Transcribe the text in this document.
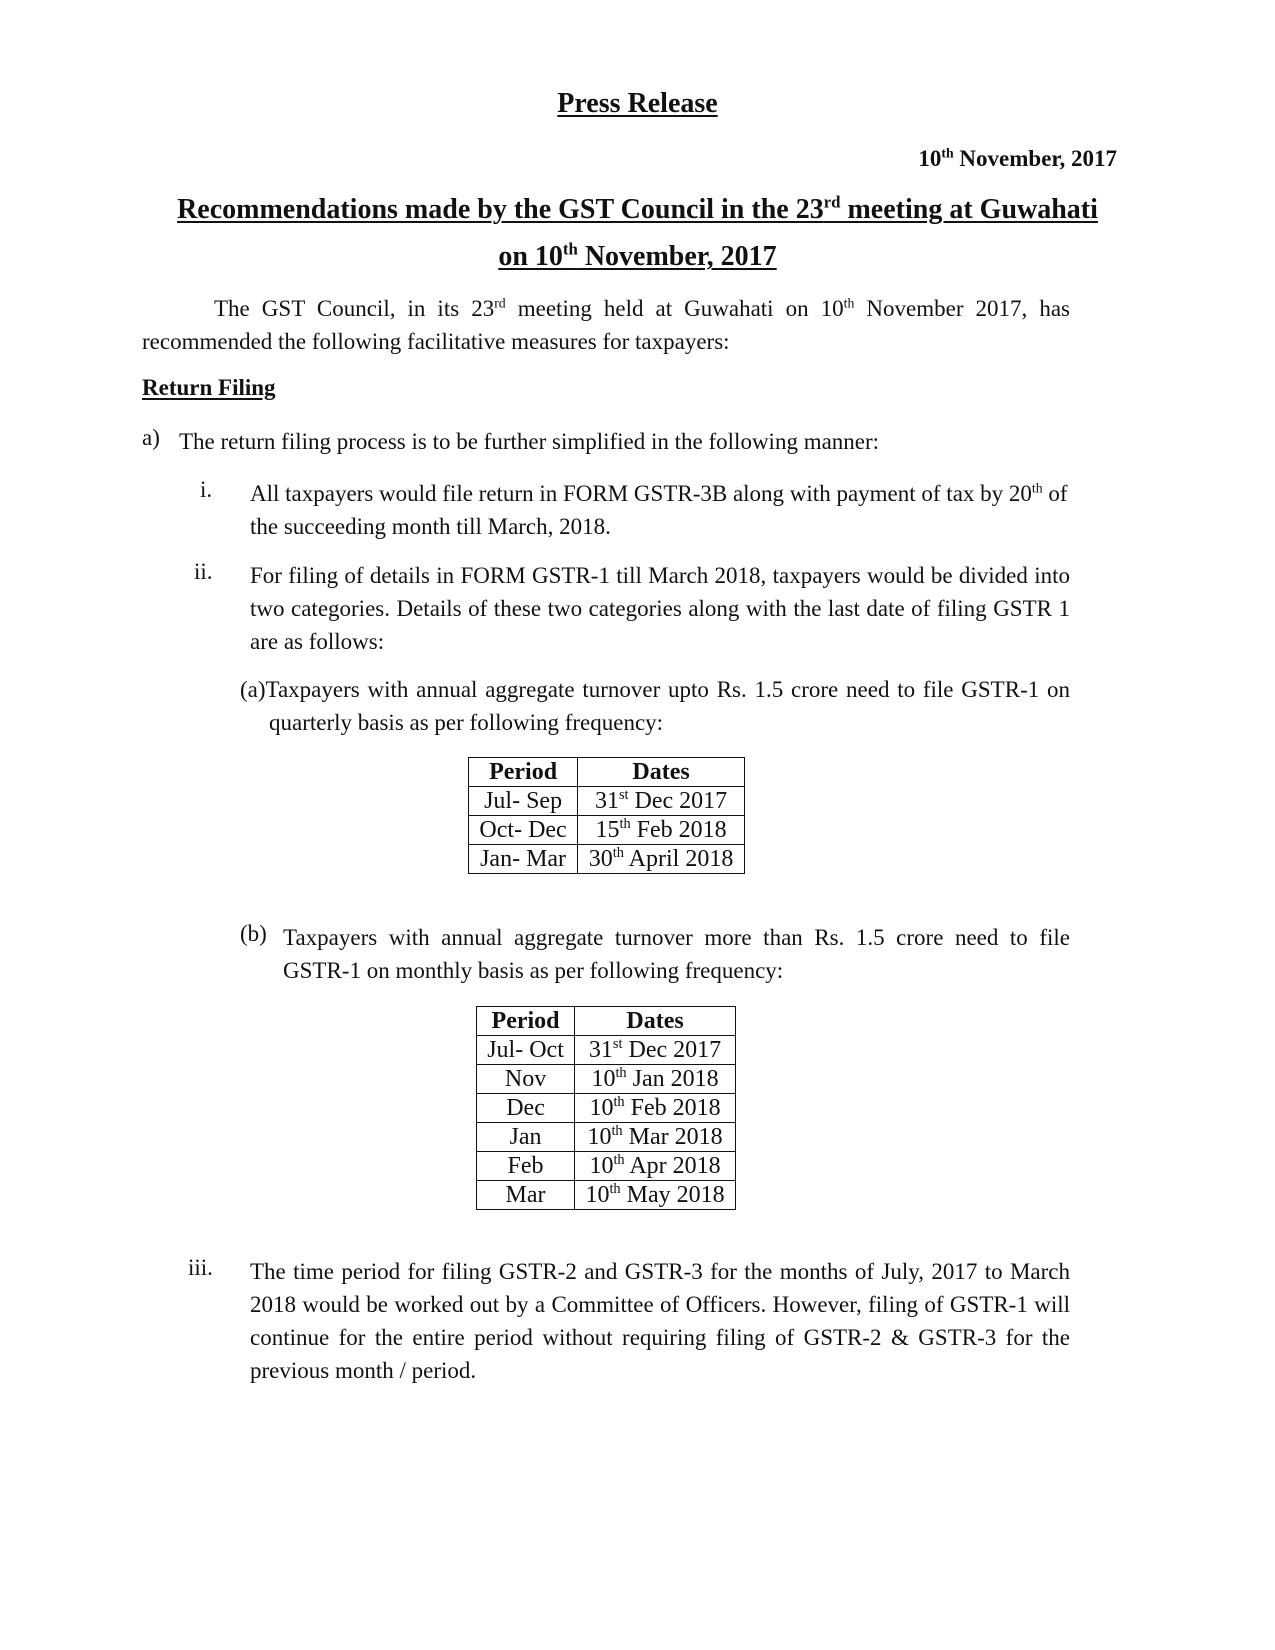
Press Release
10th November, 2017
Recommendations made by the GST Council in the 23rd meeting at Guwahati
on 10th November, 2017
The GST Council, in its 23rd meeting held at Guwahati on 10th November 2017, has recommended the following facilitative measures for taxpayers:
Return Filing
a) The return filing process is to be further simplified in the following manner:
i. All taxpayers would file return in FORM GSTR-3B along with payment of tax by 20th of the succeeding month till March, 2018.
ii. For filing of details in FORM GSTR-1 till March 2018, taxpayers would be divided into two categories. Details of these two categories along with the last date of filing GSTR 1 are as follows:
(a)Taxpayers with annual aggregate turnover upto Rs. 1.5 crore need to file GSTR-1 on quarterly basis as per following frequency:
Period	Dates
Jul- Sep	31st Dec 2017
Oct- Dec	15th Feb 2018
Jan- Mar	30th April 2018
(b) Taxpayers with annual aggregate turnover more than Rs. 1.5 crore need to file GSTR-1 on monthly basis as per following frequency:
Period	Dates
Jul- Oct	31st Dec 2017
Nov	10th Jan 2018
Dec	10th Feb 2018
Jan	10th Mar 2018
Feb	10th Apr 2018
Mar	10th May 2018
iii. The time period for filing GSTR-2 and GSTR-3 for the months of July, 2017 to March 2018 would be worked out by a Committee of Officers. However, filing of GSTR-1 will continue for the entire period without requiring filing of GSTR-2 & GSTR-3 for the previous month / period.
